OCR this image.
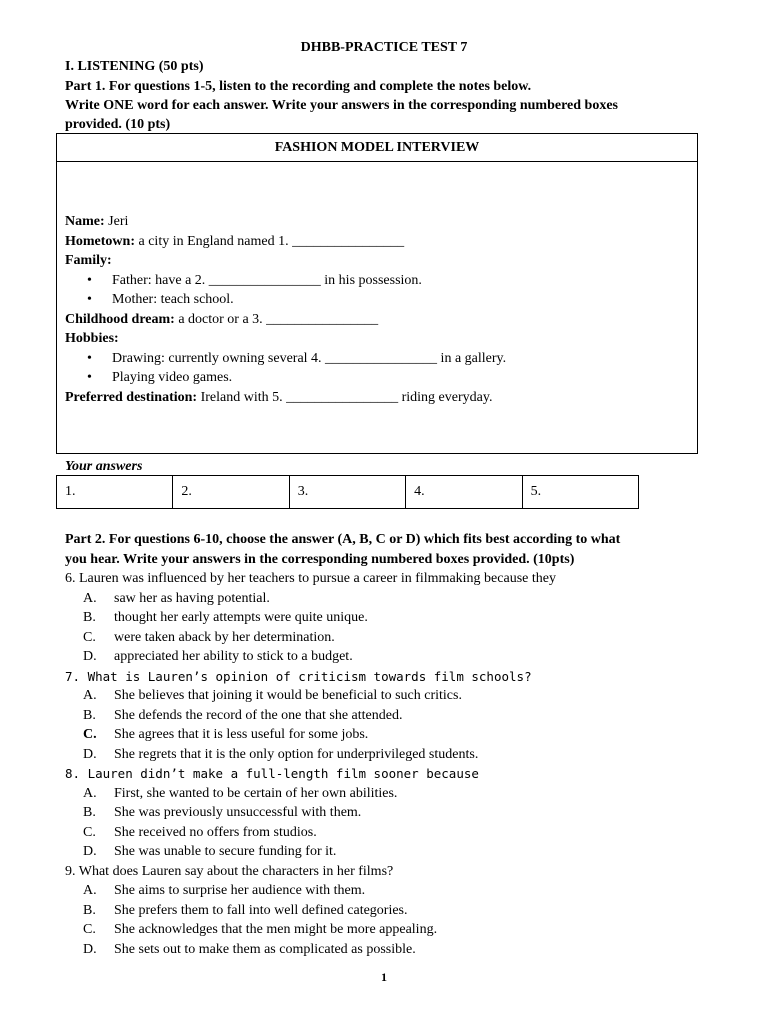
DHBB-PRACTICE TEST 7
I. LISTENING (50 pts)
Part 1. For questions 1-5, listen to the recording and complete the notes below.
Write ONE word for each answer. Write your answers in the corresponding numbered boxes
provided. (10 pts)
FASHION MODEL INTERVIEW
Name: Jeri
Hometown: a city in England named 1. ________________
Family:
• Father: have a 2. ________________ in his possession.
• Mother: teach school.
Childhood dream: a doctor or a 3. ________________
Hobbies:
• Drawing: currently owning several 4. ________________ in a gallery.
• Playing video games.
Preferred destination: Ireland with 5. ________________ riding everyday.
Your answers
1.	2.	3.	4.	5.
Part 2. For questions 6-10, choose the answer (A, B, C or D) which fits best according to what
you hear. Write your answers in the corresponding numbered boxes provided. (10pts)
6. Lauren was influenced by her teachers to pursue a career in filmmaking because they
A. saw her as having potential.
B. thought her early attempts were quite unique.
C. were taken aback by her determination.
D. appreciated her ability to stick to a budget.
7. What is Lauren’s opinion of criticism towards film schools?
A. She believes that joining it would be beneficial to such critics.
B. She defends the record of the one that she attended.
C. She agrees that it is less useful for some jobs.
D. She regrets that it is the only option for underprivileged students.
8. Lauren didn’t make a full-length film sooner because
A. First, she wanted to be certain of her own abilities.
B. She was previously unsuccessful with them.
C. She received no offers from studios.
D. She was unable to secure funding for it.
9. What does Lauren say about the characters in her films?
A. She aims to surprise her audience with them.
B. She prefers them to fall into well defined categories.
C. She acknowledges that the men might be more appealing.
D. She sets out to make them as complicated as possible.
1
